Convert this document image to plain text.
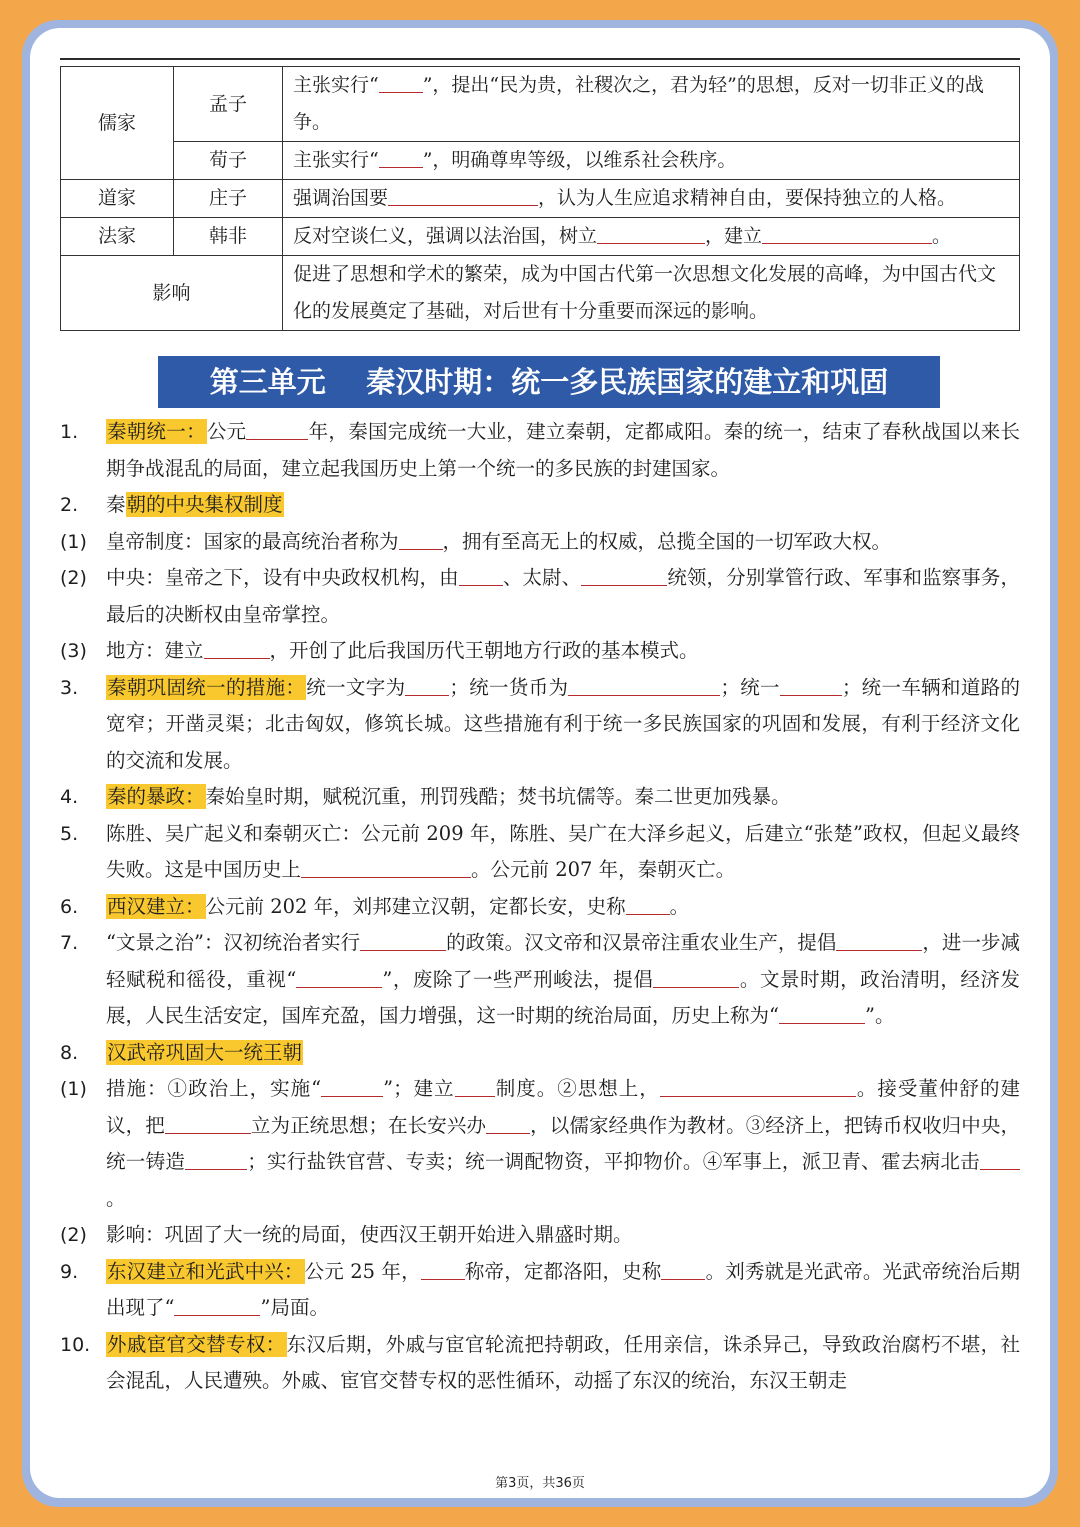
儒家	孟子	主张实行“ ”，提出“民为贵，社稷次之，君为轻”的思想，反对一切非正义的战争。
	荀子	主张实行“ ”，明确尊卑等级，以维系社会秩序。
道家	庄子	强调治国要 ，认为人生应追求精神自由，要保持独立的人格。
法家	韩非	反对空谈仁义，强调以法治国，树立 ，建立 。
影响		促进了思想和学术的繁荣，成为中国古代第一次思想文化发展的高峰，为中国古代文化的发展奠定了基础，对后世有十分重要而深远的影响。
第三单元 秦汉时期：统一多民族国家的建立和巩固
1.	秦朝统一：公元	年，秦国完成统一大业，建立秦朝，定都咸阳。秦的统一，结束了春秋战国以来长期争战混乱的局面，建立起我国历史上第一个统一的多民族的封建国家。
2.	秦朝的中央集权制度
(1) 皇帝制度：国家的最高统治者称为 ，拥有至高无上的权威，总揽全国的一切军政大权。
(2) 中央：皇帝之下，设有中央政权机构，由 、太尉、	统领，分别掌管行政、军事和监察事务，最后的决断权由皇帝掌控。
(3) 地方：建立	，开创了此后我国历代王朝地方行政的基本模式。
3.	秦朝巩固统一的措施：统一文字为 ；统一货币为	；统一	；统一车辆和道路的宽窄；开凿灵渠；北击匈奴，修筑长城。这些措施有利于统一多民族国家的巩固和发展，有利于经济文化的交流和发展。
4.	秦的暴政：秦始皇时期，赋税沉重，刑罚残酷；焚书坑儒等。秦二世更加残暴。
5.	陈胜、吴广起义和秦朝灭亡：公元前 209 年，陈胜、吴广在大泽乡起义，后建立“张楚”政权，但起义最终失败。这是中国历史上	。公元前 207 年，秦朝灭亡。
6.	西汉建立：公元前 202 年，刘邦建立汉朝，定都长安，史称 。
7.	“文景之治”：汉初统治者实行	的政策。汉文帝和汉景帝注重农业生产，提倡	，进一步减轻赋税和徭役，重视“	”，废除了一些严刑峻法，提倡	。文景时期，政治清明，经济发展，人民生活安定，国库充盈，国力增强，这一时期的统治局面，历史上称为“	”。
8.	汉武帝巩固大一统王朝
(1) 措施：①政治上，实施“	”；建立 制度。②思想上，	。接受董仲舒的建议，把	立为正统思想；在长安兴办 ，以儒家经典作为教材。③经济上，把铸币权收归中央，统一铸造	；实行盐铁官营、专卖；统一调配物资，平抑物价。④军事上，派卫青、霍去病北击。
(2) 影响：巩固了大一统的局面，使西汉王朝开始进入鼎盛时期。
9.	东汉建立和光武中兴：公元 25 年， 称帝，定都洛阳，史称 。刘秀就是光武帝。光武帝统治后期出现了“	”局面。
10. 外戚宦官交替专权：东汉后期，外戚与宦官轮流把持朝政，任用亲信，诛杀异己，导致政治腐朽不堪，社会混乱，人民遭殃。外戚、宦官交替专权的恶性循环，动摇了东汉的统治，东汉王朝走
第3页，共36页
